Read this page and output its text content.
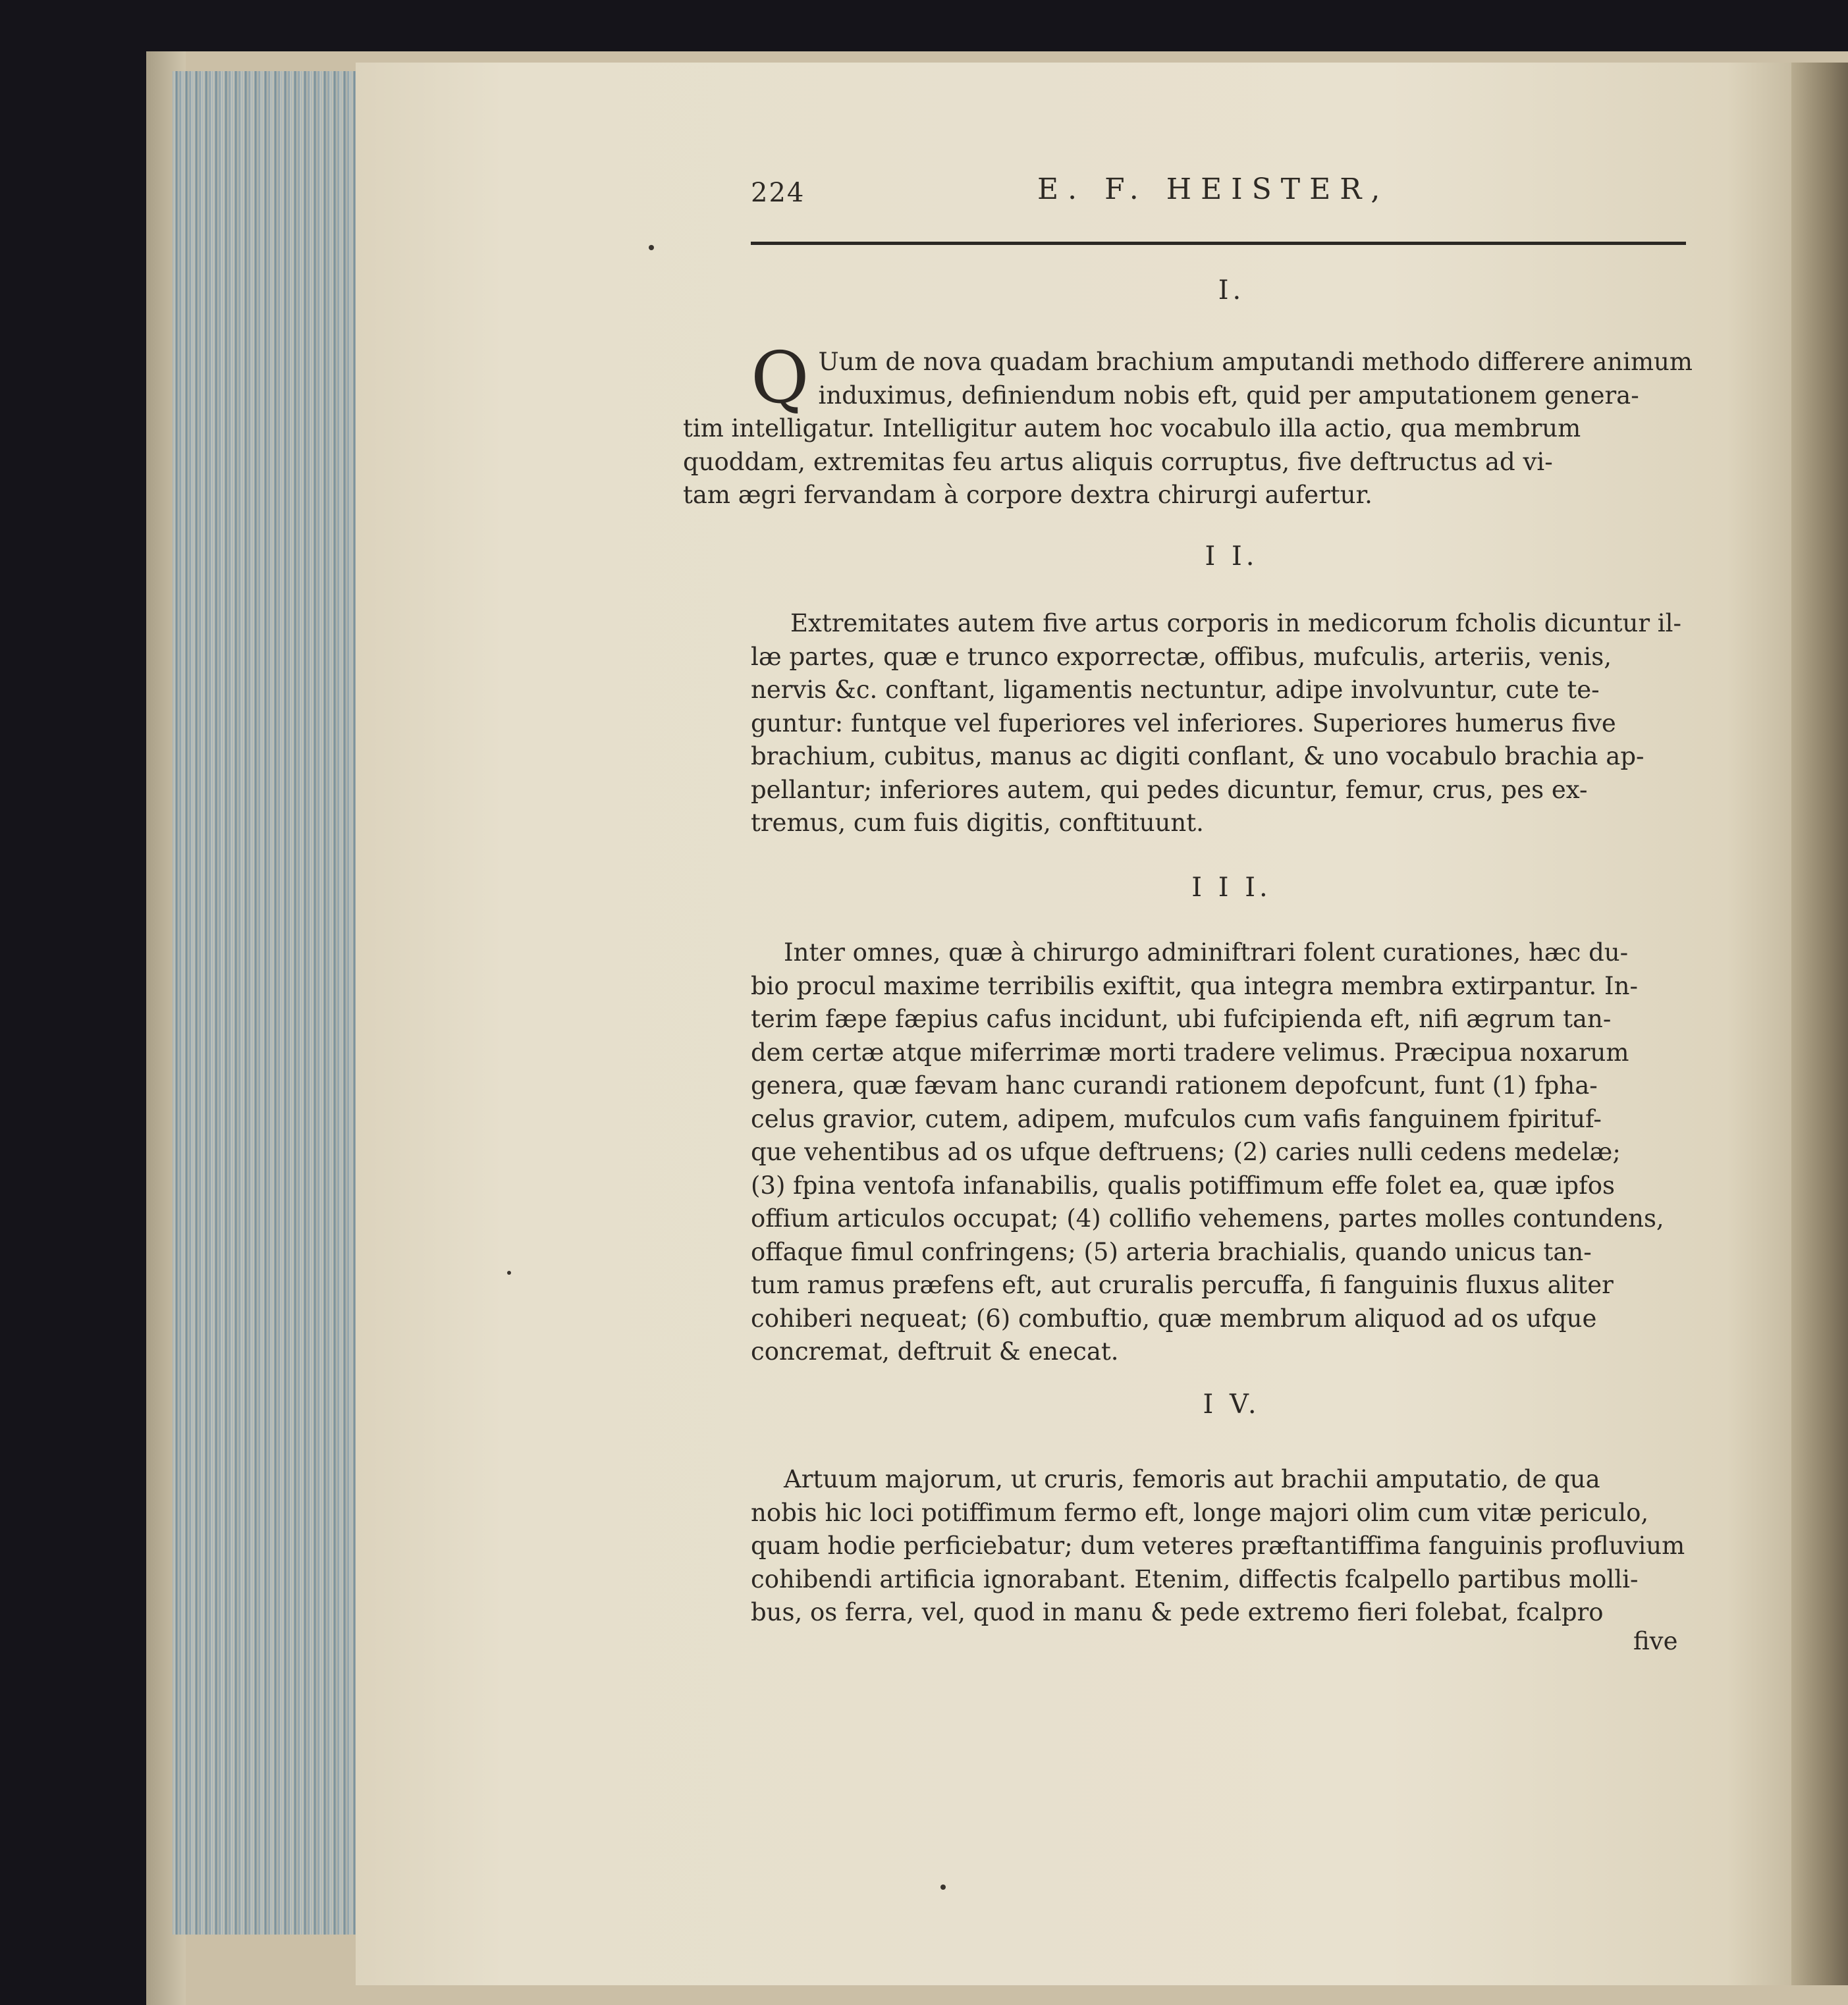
224	E. F. HEISTER,
I.
Q Uum de nova quadam brachium amputandi methodo differere animum
induximus, definiendum nobis eft, quid per amputationem genera-
tim intelligatur. Intelligitur autem hoc vocabulo illa actio, qua membrum
quoddam, extremitas feu artus aliquis corruptus, five deftructus ad vi-
tam ægri fervandam à corpore dextra chirurgi aufertur.
I I.
Extremitates autem five artus corporis in medicorum fcholis dicuntur il-
læ partes, quæ e trunco exporrectæ, offibus, mufculis, arteriis, venis,
nervis &c. conftant, ligamentis nectuntur, adipe involvuntur, cute te-
guntur: funtque vel fuperiores vel inferiores. Superiores humerus five
brachium, cubitus, manus ac digiti conflant, & uno vocabulo brachia ap-
pellantur; inferiores autem, qui pedes dicuntur, femur, crus, pes ex-
tremus, cum fuis digitis, conftituunt.
I I I.
Inter omnes, quæ à chirurgo adminiftrari folent curationes, hæc du-
bio procul maxime terribilis exiftit, qua integra membra extirpantur. In-
terim fæpe fæpius cafus incidunt, ubi fufcipienda eft, nifi ægrum tan-
dem certæ atque miferrimæ morti tradere velimus. Præcipua noxarum
genera, quæ fævam hanc curandi rationem depofcunt, funt (1) fpha-
celus gravior, cutem, adipem, mufculos cum vafis fanguinem fpirituf-
que vehentibus ad os ufque deftruens; (2) caries nulli cedens medelæ;
(3) fpina ventofa infanabilis, qualis potiffimum effe folet ea, quæ ipfos
offium articulos occupat; (4) collifio vehemens, partes molles contundens,
offaque fimul confringens; (5) arteria brachialis, quando unicus tan-
tum ramus præfens eft, aut cruralis percuffa, fi fanguinis fluxus aliter
cohiberi nequeat; (6) combuftio, quæ membrum aliquod ad os ufque
concremat, deftruit & enecat.
I V.
Artuum majorum, ut cruris, femoris aut brachii amputatio, de qua
nobis hic loci potiffimum fermo eft, longe majori olim cum vitæ periculo,
quam hodie perficiebatur; dum veteres præftantiffima fanguinis profluvium
cohibendi artificia ignorabant. Etenim, diffectis fcalpello partibus molli-
bus, os ferra, vel, quod in manu & pede extremo fieri folebat, fcalpro
five
